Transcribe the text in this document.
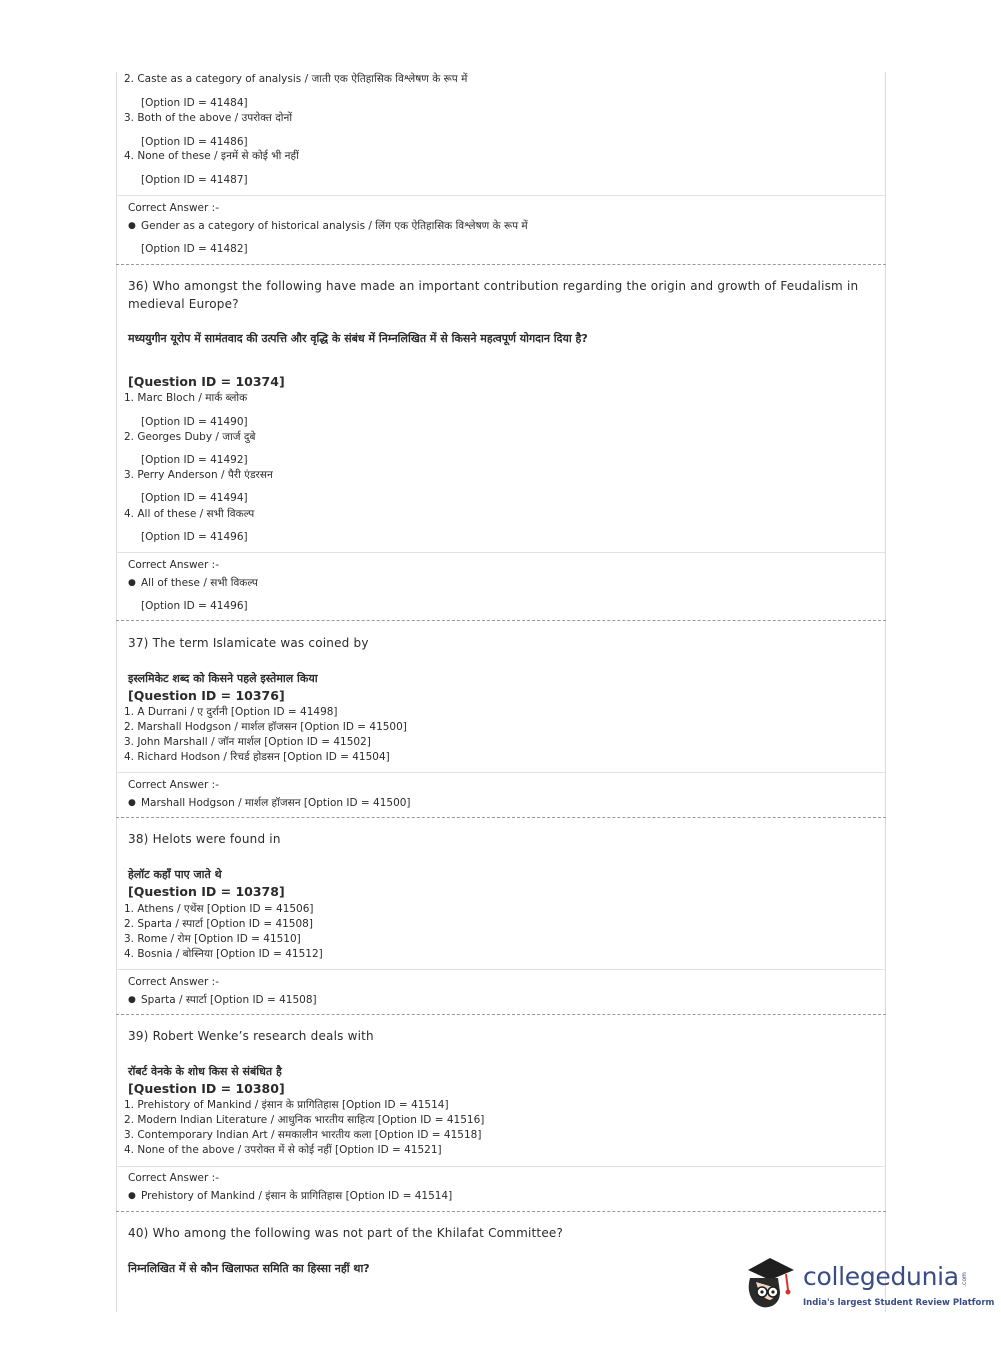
2. Caste as a category of analysis / जाती एक ऐतिहासिक विश्लेषण के रूप में
[Option ID = 41484]
3. Both of the above / उपरोक्त दोनों
[Option ID = 41486]
4. None of these / इनमें से कोई भी नहीं
[Option ID = 41487]
Correct Answer :-
● Gender as a category of historical analysis / लिंग एक ऐतिहासिक विश्लेषण के रूप में
[Option ID = 41482]
36) Who amongst the following have made an important contribution regarding the origin and growth of Feudalism in
medieval Europe?
मध्ययुगीन यूरोप में सामंतवाद की उत्पत्ति और वृद्धि के संबंध में निम्नलिखित में से किसने महत्वपूर्ण योगदान दिया है?
[Question ID = 10374]
1. Marc Bloch / मार्क ब्लोक
[Option ID = 41490]
2. Georges Duby / जार्ज दुबे
[Option ID = 41492]
3. Perry Anderson / पैरी एंडरसन
[Option ID = 41494]
4. All of these / सभी विकल्प
[Option ID = 41496]
Correct Answer :-
● All of these / सभी विकल्प
[Option ID = 41496]
37) The term Islamicate was coined by
इस्लमिकेट शब्द को किसने पहले इस्तेमाल किया
[Question ID = 10376]
1. A Durrani / ए दुर्रानी [Option ID = 41498]
2. Marshall Hodgson / मार्शल हॉजसन [Option ID = 41500]
3. John Marshall / जॉन मार्शल [Option ID = 41502]
4. Richard Hodson / रिचर्ड होडसन [Option ID = 41504]
Correct Answer :-
● Marshall Hodgson / मार्शल हॉजसन [Option ID = 41500]
38) Helots were found in
हेलॉट कहाँ पाए जाते थे
[Question ID = 10378]
1. Athens / एथेंस [Option ID = 41506]
2. Sparta / स्पार्टा [Option ID = 41508]
3. Rome / रोम [Option ID = 41510]
4. Bosnia / बोस्निया [Option ID = 41512]
Correct Answer :-
● Sparta / स्पार्टा [Option ID = 41508]
39) Robert Wenke’s research deals with
रॉबर्ट वेनके के शोध किस से संबंधित है
[Question ID = 10380]
1. Prehistory of Mankind / इंसान के प्रागितिहास [Option ID = 41514]
2. Modern Indian Literature / आधुनिक भारतीय साहित्य [Option ID = 41516]
3. Contemporary Indian Art / समकालीन भारतीय कला [Option ID = 41518]
4. None of the above / उपरोक्त में से कोई नहीं [Option ID = 41521]
Correct Answer :-
● Prehistory of Mankind / इंसान के प्रागितिहास [Option ID = 41514]
40) Who among the following was not part of the Khilafat Committee?
निम्नलिखित में से कौन खिलाफत समिति का हिस्सा नहीं था?	collegedunia .com
India's largest Student Review Platform
